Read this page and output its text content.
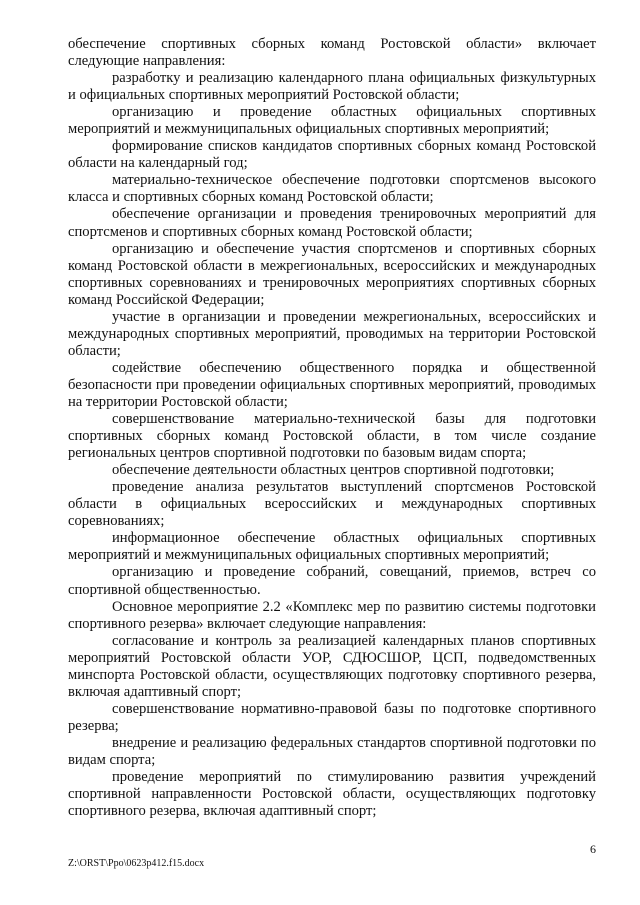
обеспечение спортивных сборных команд Ростовской области» включает следующие направления:

разработку и реализацию календарного плана официальных физкультурных и официальных спортивных мероприятий Ростовской области;

организацию и проведение областных официальных спортивных мероприятий и межмуниципальных официальных спортивных мероприятий;

формирование списков кандидатов спортивных сборных команд Ростовской области на календарный год;

материально-техническое обеспечение подготовки спортсменов высокого класса и спортивных сборных команд Ростовской области;

обеспечение организации и проведения тренировочных мероприятий для спортсменов и спортивных сборных команд Ростовской области;

организацию и обеспечение участия спортсменов и спортивных сборных команд Ростовской области в межрегиональных, всероссийских и международных спортивных соревнованиях и тренировочных мероприятиях спортивных сборных команд Российской Федерации;

участие в организации и проведении межрегиональных, всероссийских и международных спортивных мероприятий, проводимых на территории Ростовской области;

содействие обеспечению общественного порядка и общественной безопасности при проведении официальных спортивных мероприятий, проводимых на территории Ростовской области;

совершенствование материально-технической базы для подготовки спортивных сборных команд Ростовской области, в том числе создание региональных центров спортивной подготовки по базовым видам спорта;

обеспечение деятельности областных центров спортивной подготовки;

проведение анализа результатов выступлений спортсменов Ростовской области в официальных всероссийских и международных спортивных соревнованиях;

информационное обеспечение областных официальных спортивных мероприятий и межмуниципальных официальных спортивных мероприятий;

организацию и проведение собраний, совещаний, приемов, встреч со спортивной общественностью.

Основное мероприятие 2.2 «Комплекс мер по развитию системы подготовки спортивного резерва» включает следующие направления:

согласование и контроль за реализацией календарных планов спортивных мероприятий Ростовской области УОР, СДЮСШОР, ЦСП, подведомственных минспорта Ростовской области, осуществляющих подготовку спортивного резерва, включая адаптивный спорт;

совершенствование нормативно-правовой базы по подготовке спортивного резерва;

внедрение и реализацию федеральных стандартов спортивной подготовки по видам спорта;

проведение мероприятий по стимулированию развития учреждений спортивной направленности Ростовской области, осуществляющих подготовку спортивного резерва, включая адаптивный спорт;

6
Z:\ORST\Ppo\0623p412.f15.docx
